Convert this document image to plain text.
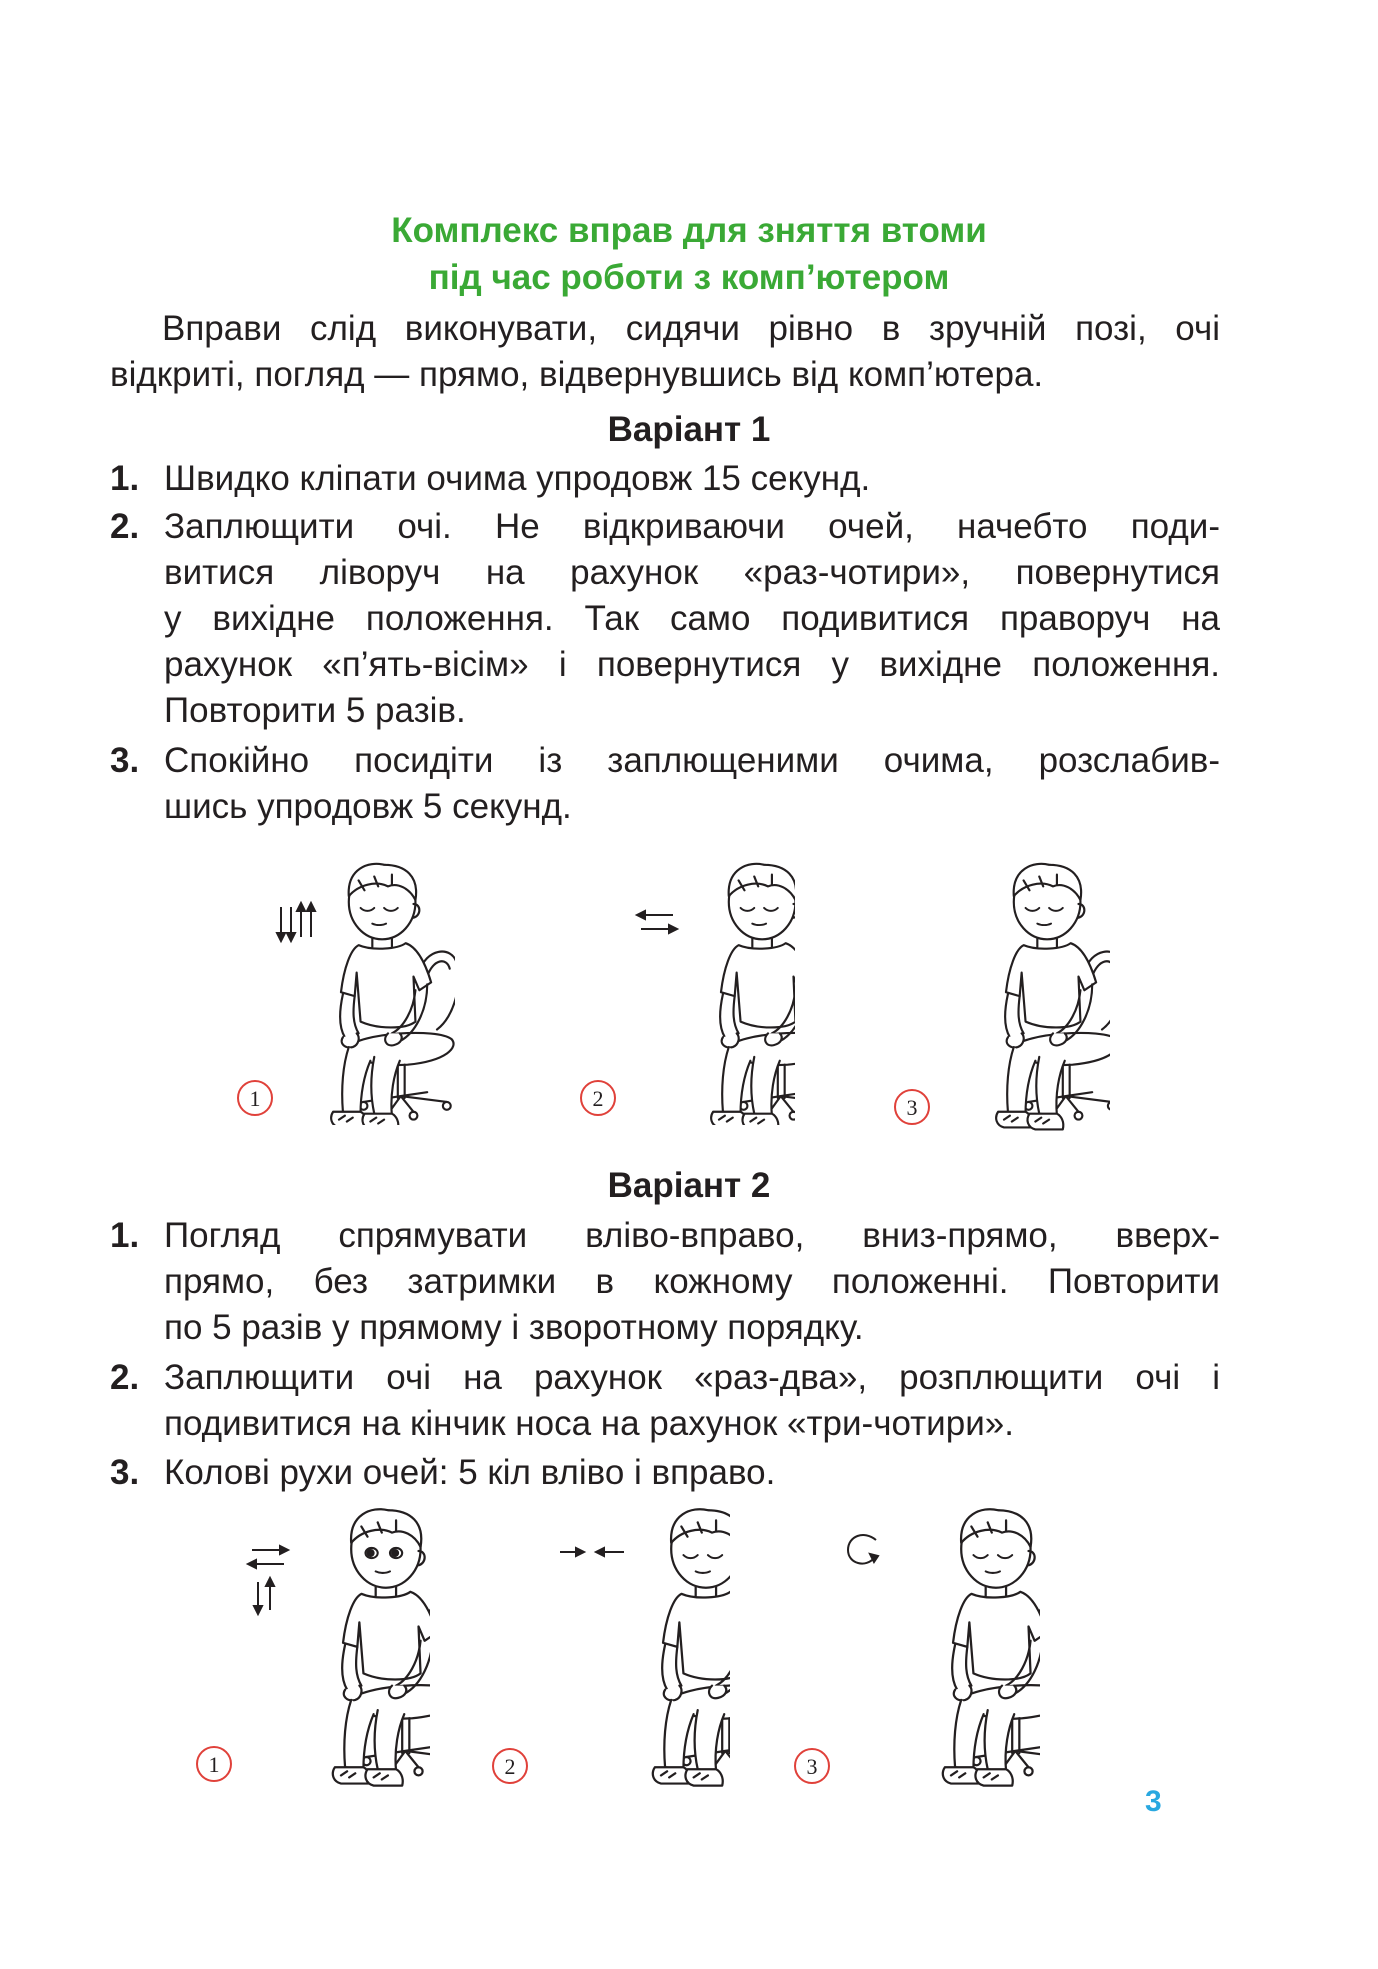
Комплекс вправ для зняття втоми
під час роботи з комп’ютером
Вправи слід виконувати, сидячи рівно в зручній позі, очі
відкриті, погляд — прямо, відвернувшись від комп’ютера.
Варіант 1
1. Швидко кліпати очима упродовж 15 секунд.
2. Заплющити очі. Не відкриваючи очей, начебто поди-
витися ліворуч на рахунок «раз-чотири», повернутися
у вихідне положення. Так само подивитися праворуч на
рахунок «п’ять-вісім» і повернутися у вихідне положення.
Повторити 5 разів.
3. Спокійно посидіти із заплющеними очима, розслабив-
шись упродовж 5 секунд.
1	2	3
Варіант 2
1. Погляд спрямувати вліво-вправо, вниз-прямо, вверх-
прямо, без затримки в кожному положенні. Повторити
по 5 разів у прямому і зворотному порядку.
2. Заплющити очі на рахунок «раз-два», розплющити очі і
подивитися на кінчик носа на рахунок «три-чотири».
3. Колові рухи очей: 5 кіл вліво і вправо.
1	2	3
3
